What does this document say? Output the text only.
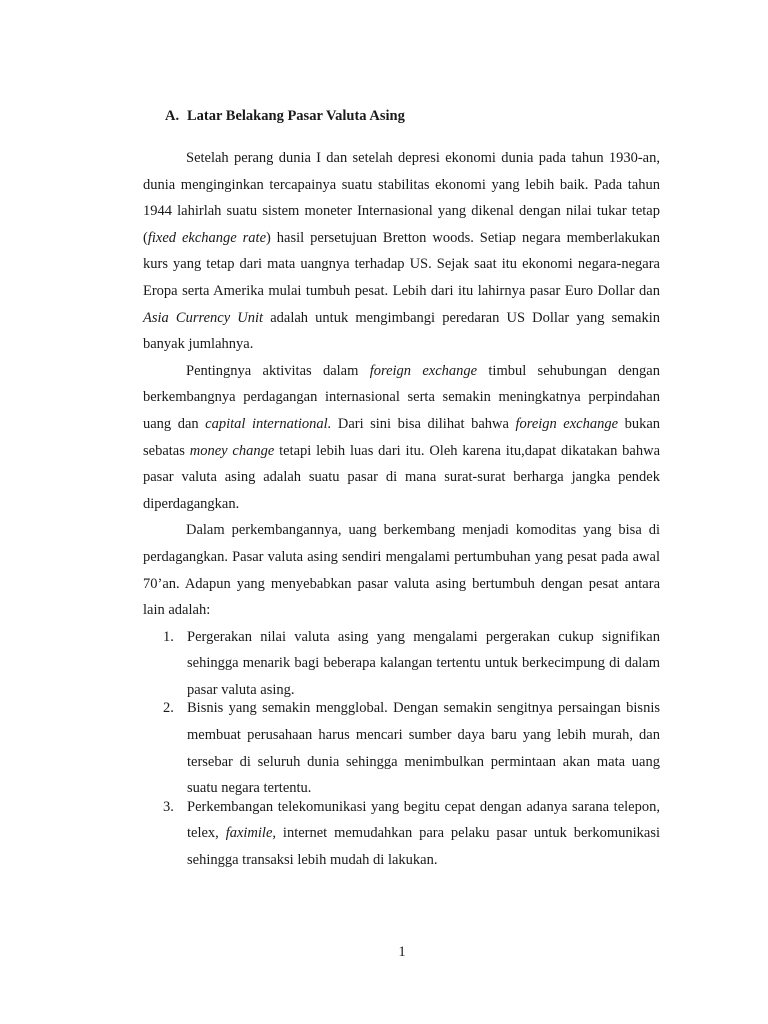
A. Latar Belakang Pasar Valuta Asing

Setelah perang dunia I dan setelah depresi ekonomi dunia pada tahun 1930-an, dunia menginginkan tercapainya suatu stabilitas ekonomi yang lebih baik. Pada tahun 1944 lahirlah suatu sistem moneter Internasional yang dikenal dengan nilai tukar tetap (fixed ekchange rate) hasil persetujuan Bretton woods. Setiap negara memberlakukan kurs yang tetap dari mata uangnya terhadap US. Sejak saat itu ekonomi negara-negara Eropa serta Amerika mulai tumbuh pesat. Lebih dari itu lahirnya pasar Euro Dollar dan Asia Currency Unit adalah untuk mengimbangi peredaran US Dollar yang semakin banyak jumlahnya.

Pentingnya aktivitas dalam foreign exchange timbul sehubungan dengan berkembangnya perdagangan internasional serta semakin meningkatnya perpindahan uang dan capital international. Dari sini bisa dilihat bahwa foreign exchange bukan sebatas money change tetapi lebih luas dari itu. Oleh karena itu,dapat dikatakan bahwa pasar valuta asing adalah suatu pasar di mana surat-surat berharga jangka pendek diperdagangkan.

Dalam perkembangannya, uang berkembang menjadi komoditas yang bisa di perdagangkan. Pasar valuta asing sendiri mengalami pertumbuhan yang pesat pada awal 70’an. Adapun yang menyebabkan pasar valuta asing bertumbuh dengan pesat antara lain adalah:

1. Pergerakan nilai valuta asing yang mengalami pergerakan cukup signifikan sehingga menarik bagi beberapa kalangan tertentu untuk berkecimpung di dalam pasar valuta asing.
2. Bisnis yang semakin mengglobal. Dengan semakin sengitnya persaingan bisnis membuat perusahaan harus mencari sumber daya baru yang lebih murah, dan tersebar di seluruh dunia sehingga menimbulkan permintaan akan mata uang suatu negara tertentu.
3. Perkembangan telekomunikasi yang begitu cepat dengan adanya sarana telepon, telex, faximile, internet memudahkan para pelaku pasar untuk berkomunikasi sehingga transaksi lebih mudah di lakukan.
1
